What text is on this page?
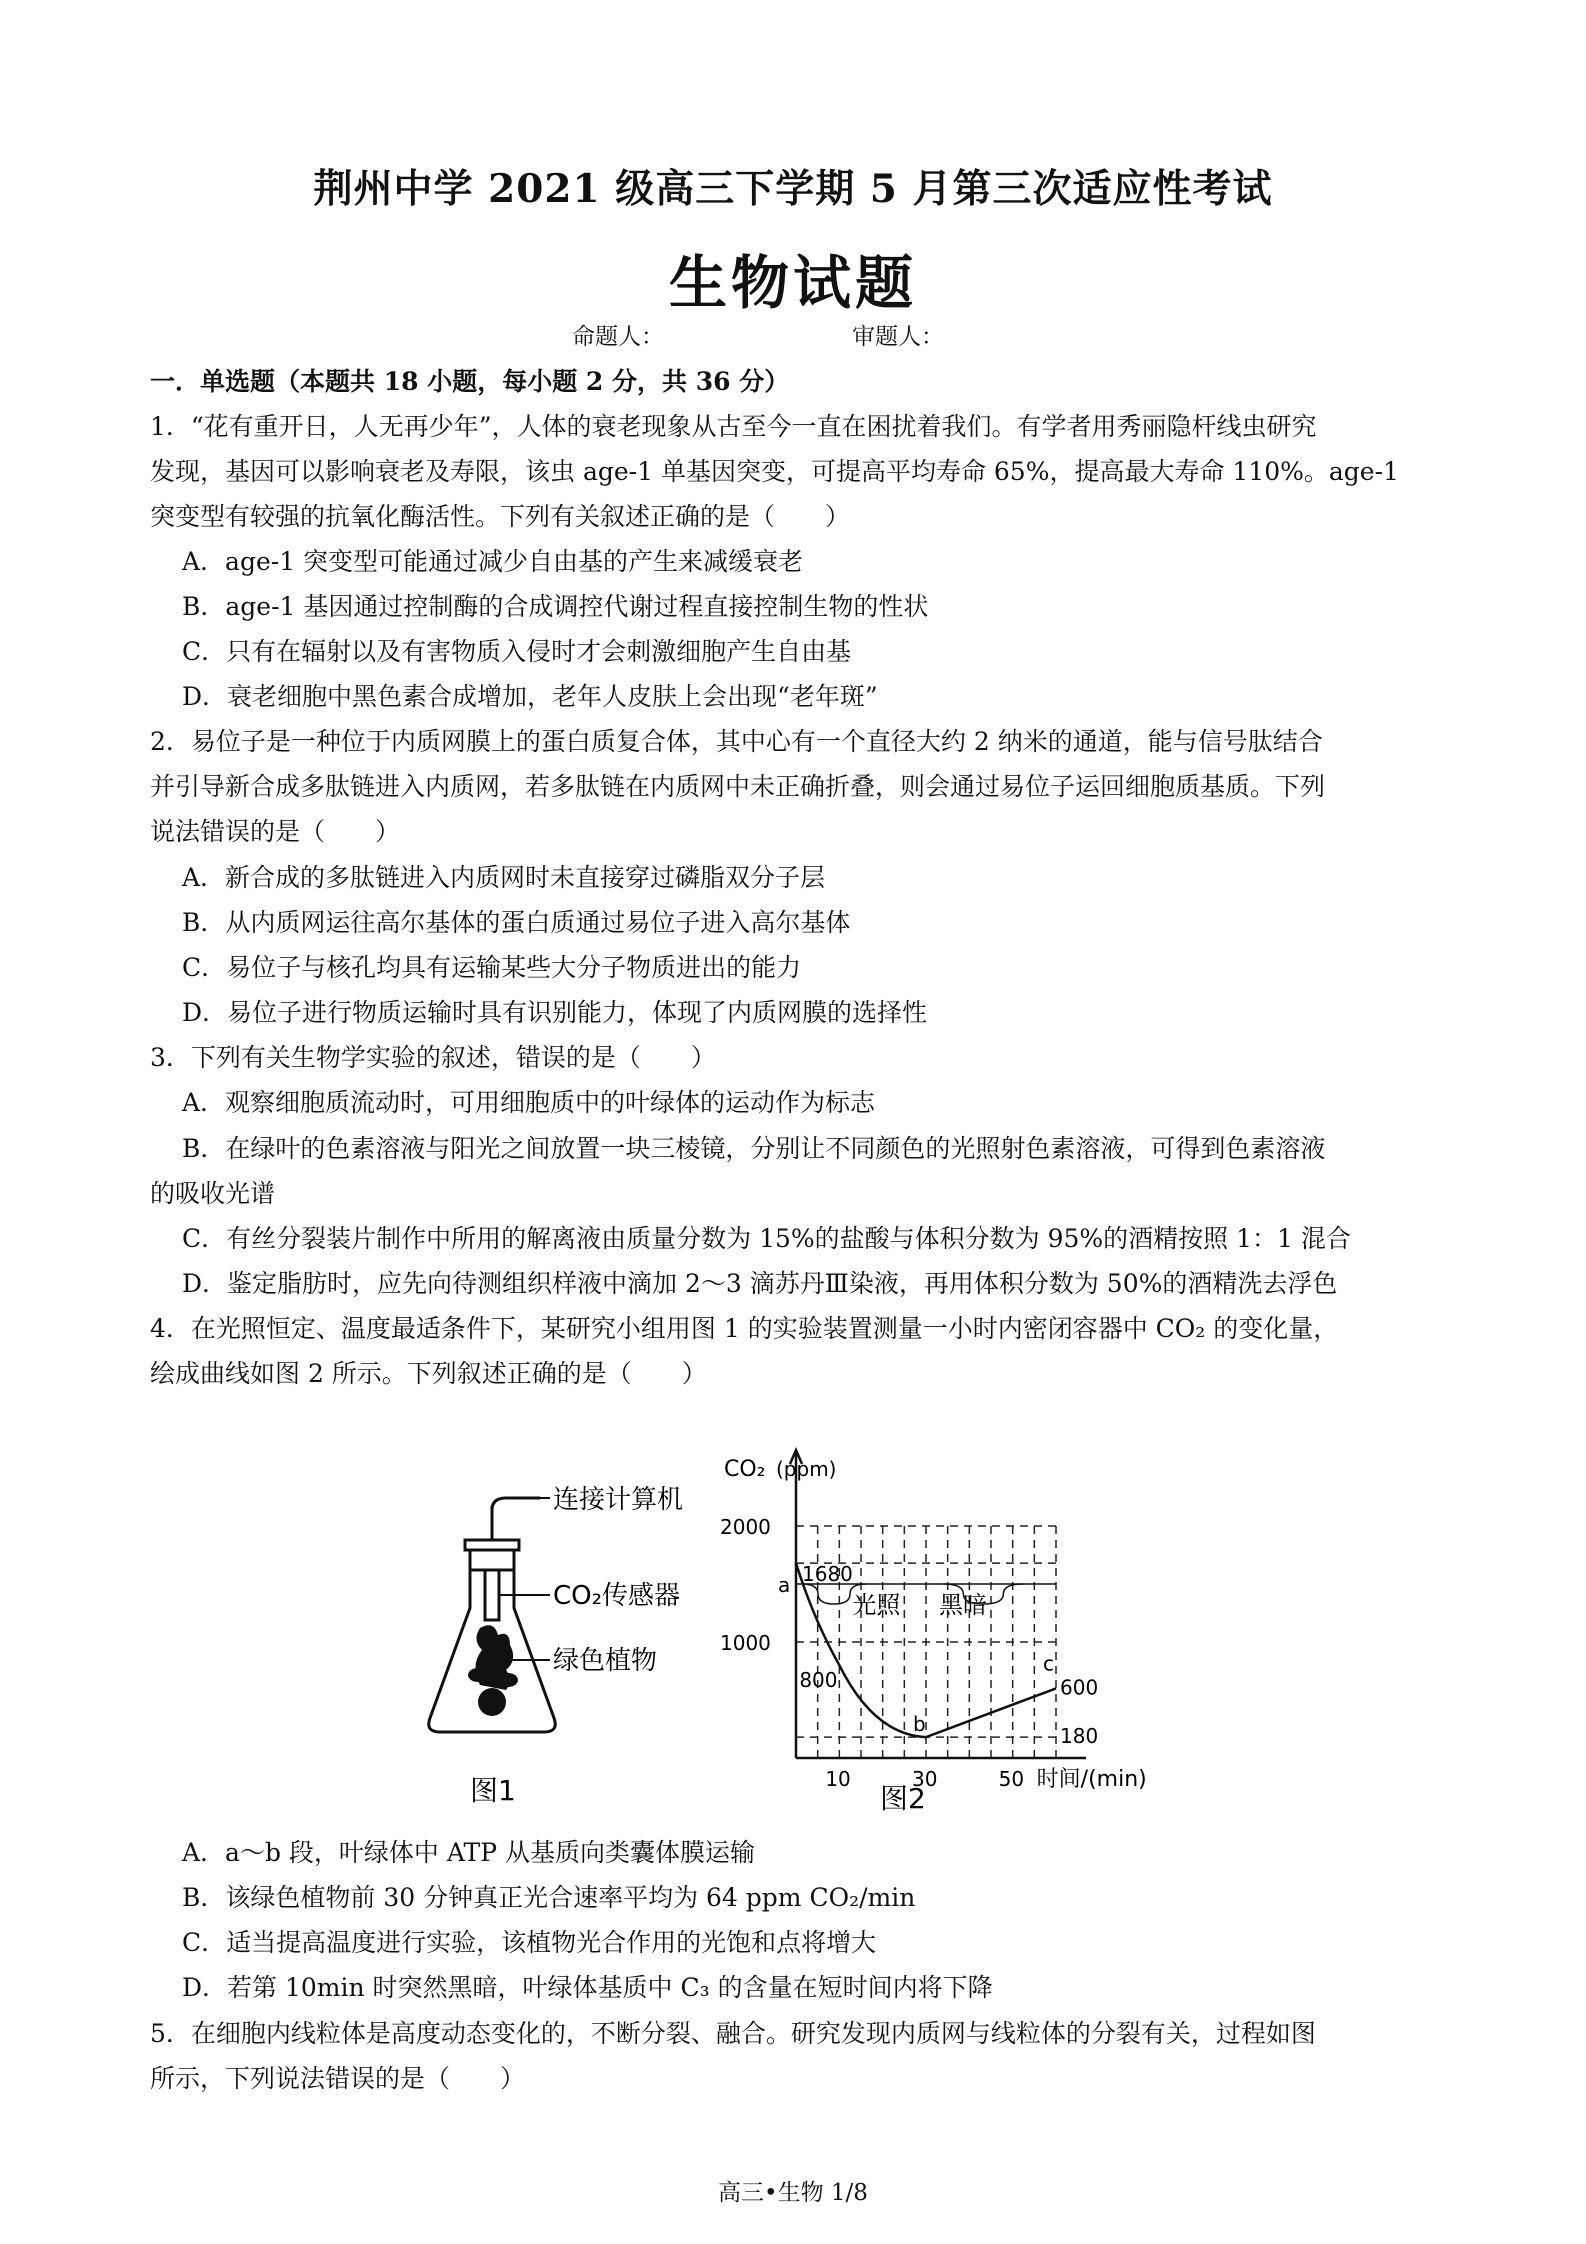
荆州中学 2021 级高三下学期 5 月第三次适应性考试
生物试题
命题人：	审题人：
一．单选题（本题共 18 小题，每小题 2 分，共 36 分）
1．“花有重开日，人无再少年”，人体的衰老现象从古至今一直在困扰着我们。有学者用秀丽隐杆线虫研究
发现，基因可以影响衰老及寿限，该虫 age-1 单基因突变，可提高平均寿命 65%，提高最大寿命 110%。age-1
突变型有较强的抗氧化酶活性。下列有关叙述正确的是（　　）
A．age-1 突变型可能通过减少自由基的产生来减缓衰老
B．age-1 基因通过控制酶的合成调控代谢过程直接控制生物的性状
C．只有在辐射以及有害物质入侵时才会刺激细胞产生自由基
D．衰老细胞中黑色素合成增加，老年人皮肤上会出现“老年斑”
2．易位子是一种位于内质网膜上的蛋白质复合体，其中心有一个直径大约 2 纳米的通道，能与信号肽结合
并引导新合成多肽链进入内质网，若多肽链在内质网中未正确折叠，则会通过易位子运回细胞质基质。下列
说法错误的是（　　）
A．新合成的多肽链进入内质网时未直接穿过磷脂双分子层
B．从内质网运往高尔基体的蛋白质通过易位子进入高尔基体
C．易位子与核孔均具有运输某些大分子物质进出的能力
D．易位子进行物质运输时具有识别能力，体现了内质网膜的选择性
3．下列有关生物学实验的叙述，错误的是（　　）
A．观察细胞质流动时，可用细胞质中的叶绿体的运动作为标志
B．在绿叶的色素溶液与阳光之间放置一块三棱镜，分别让不同颜色的光照射色素溶液，可得到色素溶液
的吸收光谱
C．有丝分裂装片制作中所用的解离液由质量分数为 15%的盐酸与体积分数为 95%的酒精按照 1：1 混合
D．鉴定脂肪时，应先向待测组织样液中滴加 2～3 滴苏丹Ⅲ染液，再用体积分数为 50%的酒精洗去浮色
4．在光照恒定、温度最适条件下，某研究小组用图 1 的实验装置测量一小时内密闭容器中 CO₂ 的变化量，
绘成曲线如图 2 所示。下列叙述正确的是（　　）
连接计算机
CO₂传感器
绿色植物
图1
CO₂ (ppm)
2000
1000
1680
a
800
b
c
600
180
光照 黑暗
10	30	50 时间/(min)
图2
A．a～b 段，叶绿体中 ATP 从基质向类囊体膜运输
B．该绿色植物前 30 分钟真正光合速率平均为 64 ppm CO₂/min
C．适当提高温度进行实验，该植物光合作用的光饱和点将增大
D．若第 10min 时突然黑暗，叶绿体基质中 C₃ 的含量在短时间内将下降
5．在细胞内线粒体是高度动态变化的，不断分裂、融合。研究发现内质网与线粒体的分裂有关，过程如图
所示，下列说法错误的是（　　）
高三•生物 1/8
